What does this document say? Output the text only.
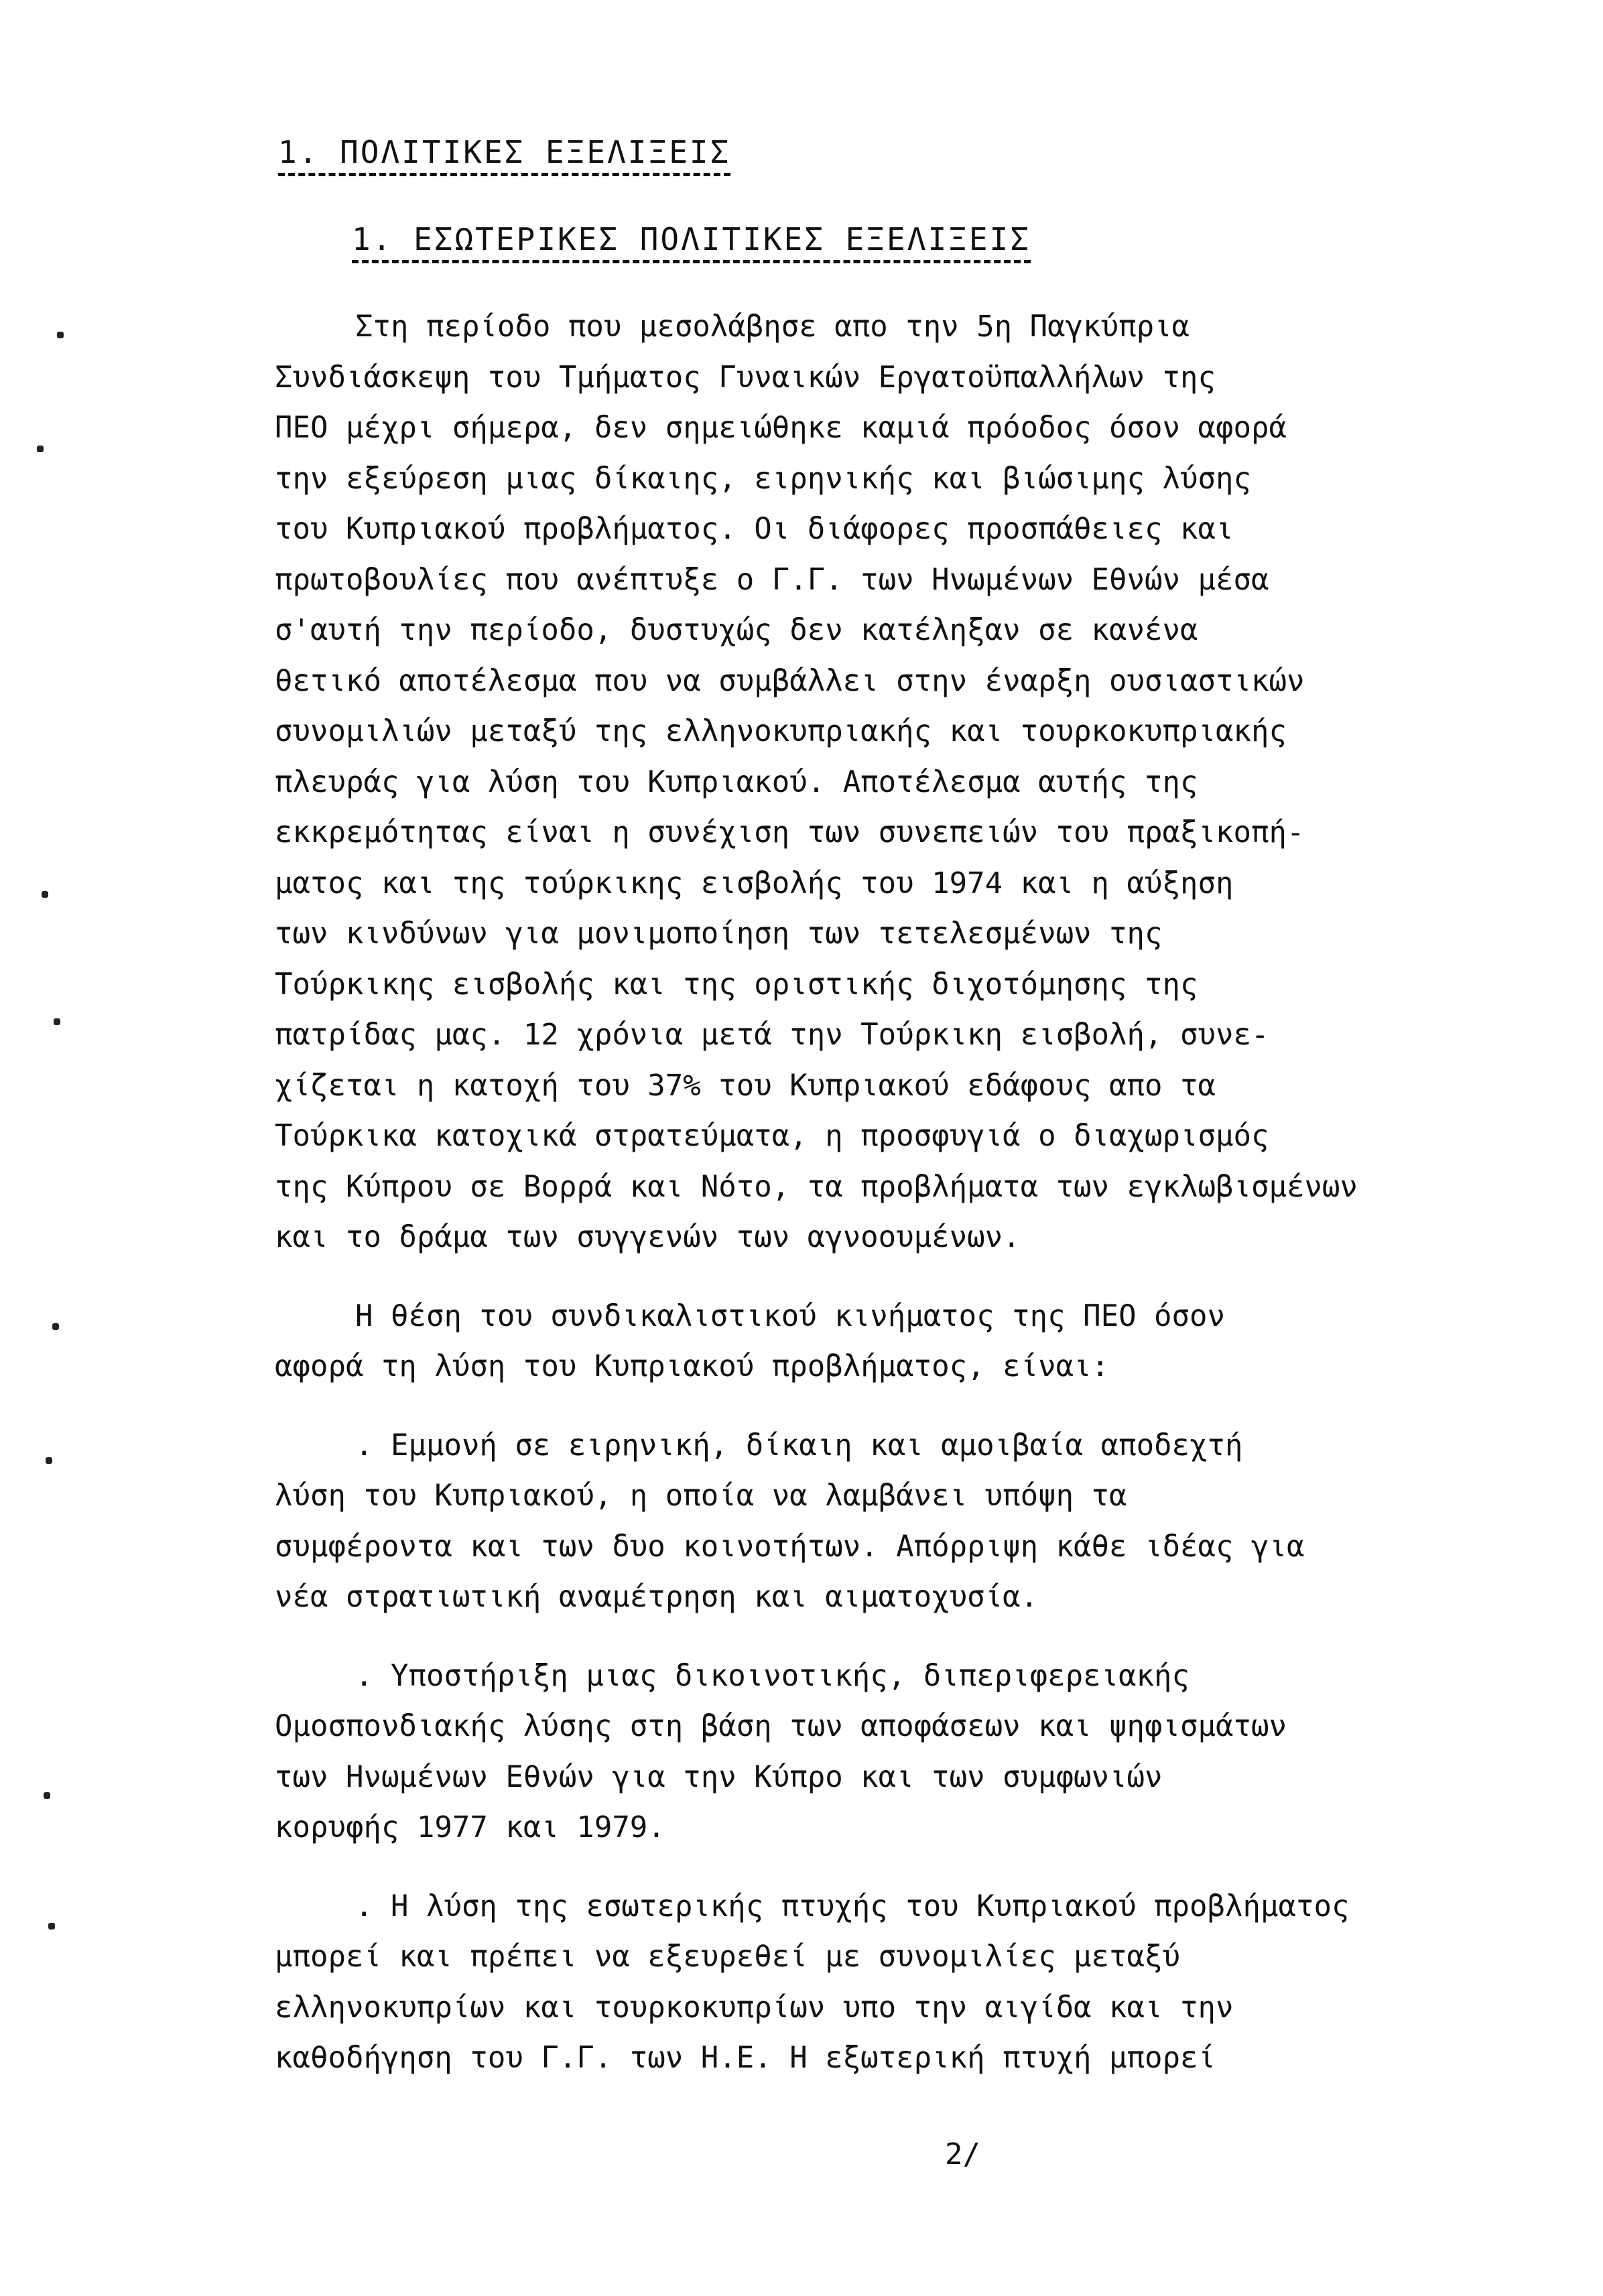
1. ΠΟΛΙΤΙΚΕΣ ΕΞΕΛΙΞΕΙΣ
1. ΕΣΩΤΕΡΙΚΕΣ ΠΟΛΙΤΙΚΕΣ ΕΞΕΛΙΞΕΙΣ
Στη περίοδο που μεσολάβησε απο την 5η Παγκύπρια
Συνδιάσκεψη του Τμήματος Γυναικών Εργατοϋπαλλήλων της
ΠΕΟ μέχρι σήμερα, δεν σημειώθηκε καμιά πρόοδος όσον αφορά
την εξεύρεση μιας δίκαιης, ειρηνικής και βιώσιμης λύσης
του Κυπριακού προβλήματος. Οι διάφορες προσπάθειες και
πρωτοβουλίες που ανέπτυξε ο Γ.Γ. των Ηνωμένων Εθνών μέσα
σ'αυτή την περίοδο, δυστυχώς δεν κατέληξαν σε κανένα
θετικό αποτέλεσμα που να συμβάλλει στην έναρξη ουσιαστικών
συνομιλιών μεταξύ της ελληνοκυπριακής και τουρκοκυπριακής
πλευράς για λύση του Κυπριακού. Αποτέλεσμα αυτής της
εκκρεμότητας είναι η συνέχιση των συνεπειών του πραξικοπή-
ματος και της τούρκικης εισβολής του 1974 και η αύξηση
των κινδύνων για μονιμοποίηση των τετελεσμένων της
Τούρκικης εισβολής και της οριστικής διχοτόμησης της
πατρίδας μας. 12 χρόνια μετά την Τούρκικη εισβολή, συνε-
χίζεται η κατοχή του 37% του Κυπριακού εδάφους απο τα
Τούρκικα κατοχικά στρατεύματα, η προσφυγιά ο διαχωρισμός
της Κύπρου σε Βορρά και Νότο, τα προβλήματα των εγκλωβισμένων
και το δράμα των συγγενών των αγνοουμένων.
Η θέση του συνδικαλιστικού κινήματος της ΠΕΟ όσον
αφορά τη λύση του Κυπριακού προβλήματος, είναι:
. Εμμονή σε ειρηνική, δίκαιη και αμοιβαία αποδεχτή
λύση του Κυπριακού, η οποία να λαμβάνει υπόψη τα
συμφέροντα και των δυο κοινοτήτων. Απόρριψη κάθε ιδέας για
νέα στρατιωτική αναμέτρηση και αιματοχυσία.
. Υποστήριξη μιας δικοινοτικής, διπεριφερειακής
Ομοσπονδιακής λύσης στη βάση των αποφάσεων και ψηφισμάτων
των Ηνωμένων Εθνών για την Κύπρο και των συμφωνιών
κορυφής 1977 και 1979.
. Η λύση της εσωτερικής πτυχής του Κυπριακού προβλήματος
μπορεί και πρέπει να εξευρεθεί με συνομιλίες μεταξύ
ελληνοκυπρίων και τουρκοκυπρίων υπο την αιγίδα και την
καθοδήγηση του Γ.Γ. των Η.Ε. Η εξωτερική πτυχή μπορεί
2/
